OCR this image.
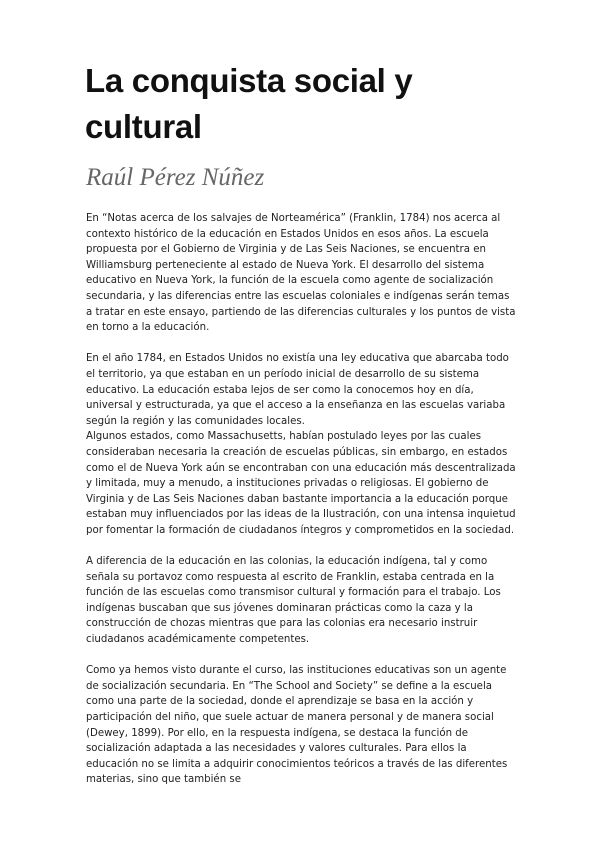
La conquista social y cultural
Raúl Pérez Núñez

En “Notas acerca de los salvajes de Norteamérica” (Franklin, 1784) nos acerca al contexto histórico de la educación en Estados Unidos en esos años. La escuela propuesta por el Gobierno de Virginia y de Las Seis Naciones, se encuentra en Williamsburg perteneciente al estado de Nueva York. El desarrollo del sistema educativo en Nueva York, la función de la escuela como agente de socialización secundaria, y las diferencias entre las escuelas coloniales e indígenas serán temas a tratar en este ensayo, partiendo de las diferencias culturales y los puntos de vista en torno a la educación.

En el año 1784, en Estados Unidos no existía una ley educativa que abarcaba todo el territorio, ya que estaban en un período inicial de desarrollo de su sistema educativo. La educación estaba lejos de ser como la conocemos hoy en día, universal y estructurada, ya que el acceso a la enseñanza en las escuelas variaba según la región y las comunidades locales.

Algunos estados, como Massachusetts, habían postulado leyes por las cuales consideraban necesaria la creación de escuelas públicas, sin embargo, en estados como el de Nueva York aún se encontraban con una educación más descentralizada y limitada, muy a menudo, a instituciones privadas o religiosas. El gobierno de Virginia y de Las Seis Naciones daban bastante importancia a la educación porque estaban muy influenciados por las ideas de la Ilustración, con una intensa inquietud por fomentar la formación de ciudadanos íntegros y comprometidos en la sociedad.

A diferencia de la educación en las colonias, la educación indígena, tal y como señala su portavoz como respuesta al escrito de Franklin, estaba centrada en la función de las escuelas como transmisor cultural y formación para el trabajo. Los indígenas buscaban que sus jóvenes dominaran prácticas como la caza y la construcción de chozas mientras que para las colonias era necesario instruir ciudadanos académicamente competentes.

Como ya hemos visto durante el curso, las instituciones educativas son un agente de socialización secundaria. En “The School and Society” se define a la escuela como una parte de la sociedad, donde el aprendizaje se basa en la acción y participación del niño, que suele actuar de manera personal y de manera social (Dewey, 1899). Por ello, en la respuesta indígena, se destaca la función de socialización adaptada a las necesidades y valores culturales. Para ellos la educación no se limita a adquirir conocimientos teóricos a través de las diferentes materias, sino que también se
